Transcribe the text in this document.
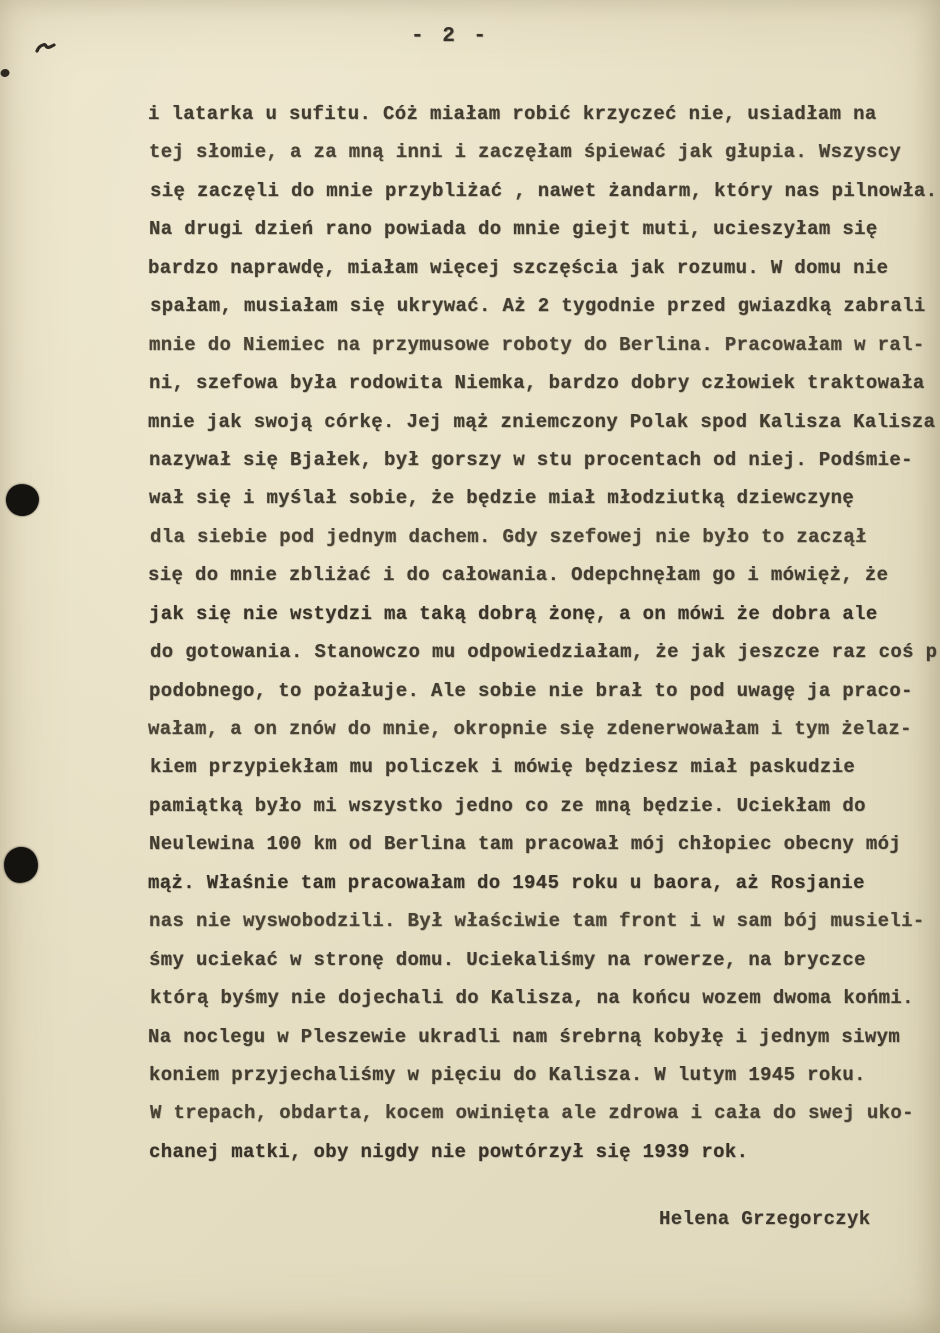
- 2 -
i latarka u sufitu. Cóż miałam robić krzyczeć nie, usiadłam na
tej słomie, a za mną inni i zaczęłam śpiewać jak głupia. Wszyscy
się zaczęli do mnie przybliżać , nawet żandarm, który nas pilnowła.
Na drugi dzień rano powiada do mnie giejt muti, ucieszyłam się
bardzo naprawdę, miałam więcej szczęścia jak rozumu. W domu nie
spałam, musiałam się ukrywać. Aż 2 tygodnie przed gwiazdką zabrali
mnie do Niemiec na przymusowe roboty do Berlina. Pracowałam w ral-
ni, szefowa była rodowita Niemka, bardzo dobry człowiek traktowała
mnie jak swoją córkę. Jej mąż zniemczony Polak spod Kalisza Kalisza
nazywał się Bjałek, był gorszy w stu procentach od niej. Podśmie-
wał się i myślał sobie, że będzie miał młodziutką dziewczynę
dla siebie pod jednym dachem. Gdy szefowej nie było to zaczął
się do mnie zbliżać i do całowania. Odepchnęłam go i mówięż, że
jak się nie wstydzi ma taką dobrą żonę, a on mówi że dobra ale
do gotowania. Stanowczo mu odpowiedziałam, że jak jeszcze raz coś p
podobnego, to pożałuje. Ale sobie nie brał to pod uwagę ja praco-
wałam, a on znów do mnie, okropnie się zdenerwowałam i tym żelaz-
kiem przypiekłam mu policzek i mówię będziesz miał paskudzie
pamiątką było mi wszystko jedno co ze mną będzie. Uciekłam do
Neulewina 100 km od Berlina tam pracował mój chłopiec obecny mój
mąż. Właśnie tam pracowałam do 1945 roku u baora, aż Rosjanie
nas nie wyswobodzili. Był właściwie tam front i w sam bój musieli-
śmy uciekać w stronę domu. Uciekaliśmy na rowerze, na bryczce
którą byśmy nie dojechali do Kalisza, na końcu wozem dwoma końmi.
Na noclegu w Pleszewie ukradli nam śrebrną kobyłę i jednym siwym
koniem przyjechaliśmy w pięciu do Kalisza. W lutym 1945 roku.
W trepach, obdarta, kocem owinięta ale zdrowa i cała do swej uko-
chanej matki, oby nigdy nie powtórzył się 1939 rok.
Helena Grzegorczyk
